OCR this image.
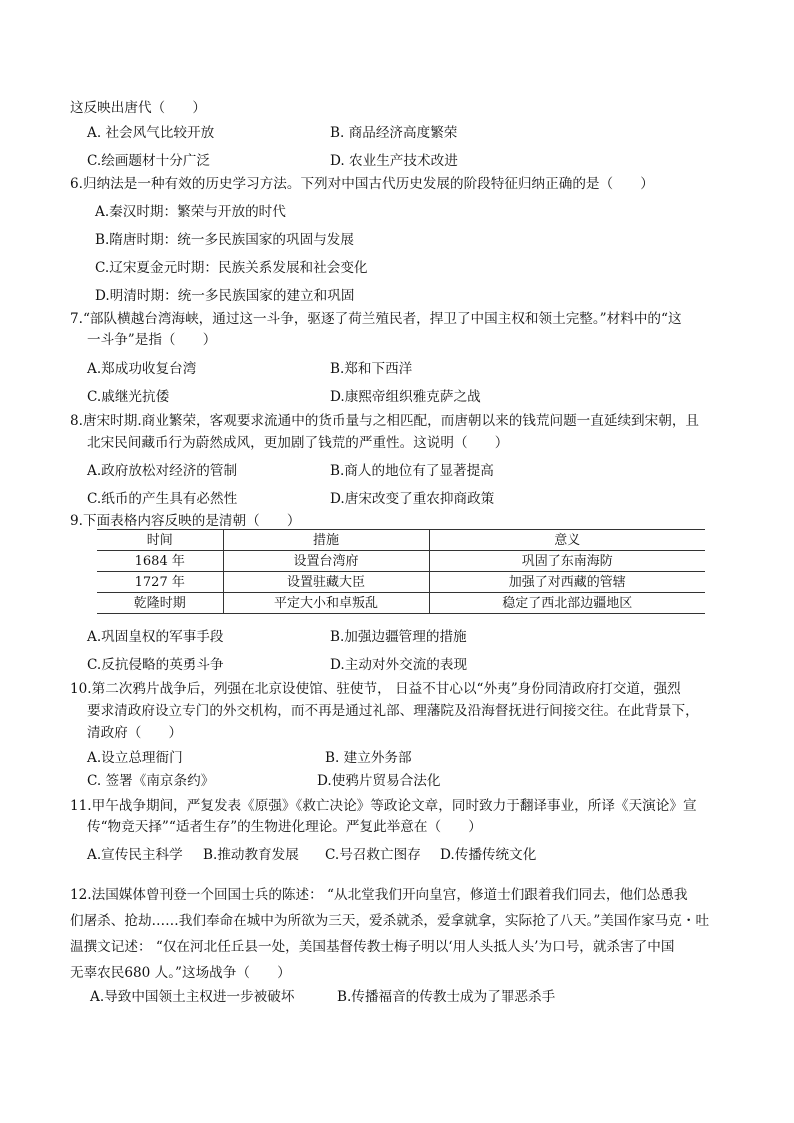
这反映出唐代（　　）
A. 社会风气比较开放	B. 商品经济高度繁荣
C.绘画题材十分广泛	D. 农业生产技术改进
6.归纳法是一种有效的历史学习方法。下列对中国古代历史发展的阶段特征归纳正确的是（　　）
A.秦汉时期：繁荣与开放的时代
B.隋唐时期：统一多民族国家的巩固与发展
C.辽宋夏金元时期：民族关系发展和社会变化
D.明清时期：统一多民族国家的建立和巩固
7.“部队横越台湾海峡，通过这一斗争，驱逐了荷兰殖民者，捍卫了中国主权和领土完整。”材料中的“这
一斗争”是指（　　）
A.郑成功收复台湾	B.郑和下西洋
C.戚继光抗倭	D.康熙帝组织雅克萨之战
8.唐宋时期.商业繁荣，客观要求流通中的货币量与之相匹配，而唐朝以来的钱荒问题一直延续到宋朝，且
北宋民间藏币行为蔚然成风，更加剧了钱荒的严重性。这说明（　　）
A.政府放松对经济的管制	B.商人的地位有了显著提高
C.纸币的产生具有必然性	D.唐宋改变了重农抑商政策
9.下面表格内容反映的是清朝（　　）
时间	措施	意义
1684 年	设置台湾府	巩固了东南海防
1727 年	设置驻藏大臣	加强了对西藏的管辖
乾隆时期	平定大小和卓叛乱	稳定了西北部边疆地区
A.巩固皇权的军事手段	B.加强边疆管理的措施
C.反抗侵略的英勇斗争	D.主动对外交流的表现
10.第二次鸦片战争后，列强在北京设使馆、驻使节， 日益不甘心以“外夷”身份同清政府打交道，强烈
要求清政府设立专门的外交机构，而不再是通过礼部、理藩院及沿海督抚进行间接交往。在此背景下，
清政府（　　）
A.设立总理衙门	B. 建立外务部
C. 签署《南京条约》	D.使鸦片贸易合法化
11.甲午战争期间，严复发表《原强》《救亡决论》等政论文章，同时致力于翻译事业，所译《天演论》宣
传“物竞天择”“适者生存”的生物进化理论。严复此举意在（　　）
A.宣传民主科学 B.推动教育发展 C.号召救亡图存 D.传播传统文化
12.法国媒体曾刊登一个回国士兵的陈述： “从北堂我们开向皇宫，修道士们跟着我们同去，他们怂恿我
们屠杀、抢劫……我们奉命在城中为所欲为三天，爱杀就杀，爱拿就拿，实际抢了八天。”美国作家马克・吐
温撰文记述： “仅在河北任丘县一处，美国基督传教士梅子明以‘用人头抵人头’为口号，就杀害了中国
无辜农民680 人。”这场战争（　　）
A.导致中国领土主权进一步被破坏	B.传播福音的传教士成为了罪恶杀手
